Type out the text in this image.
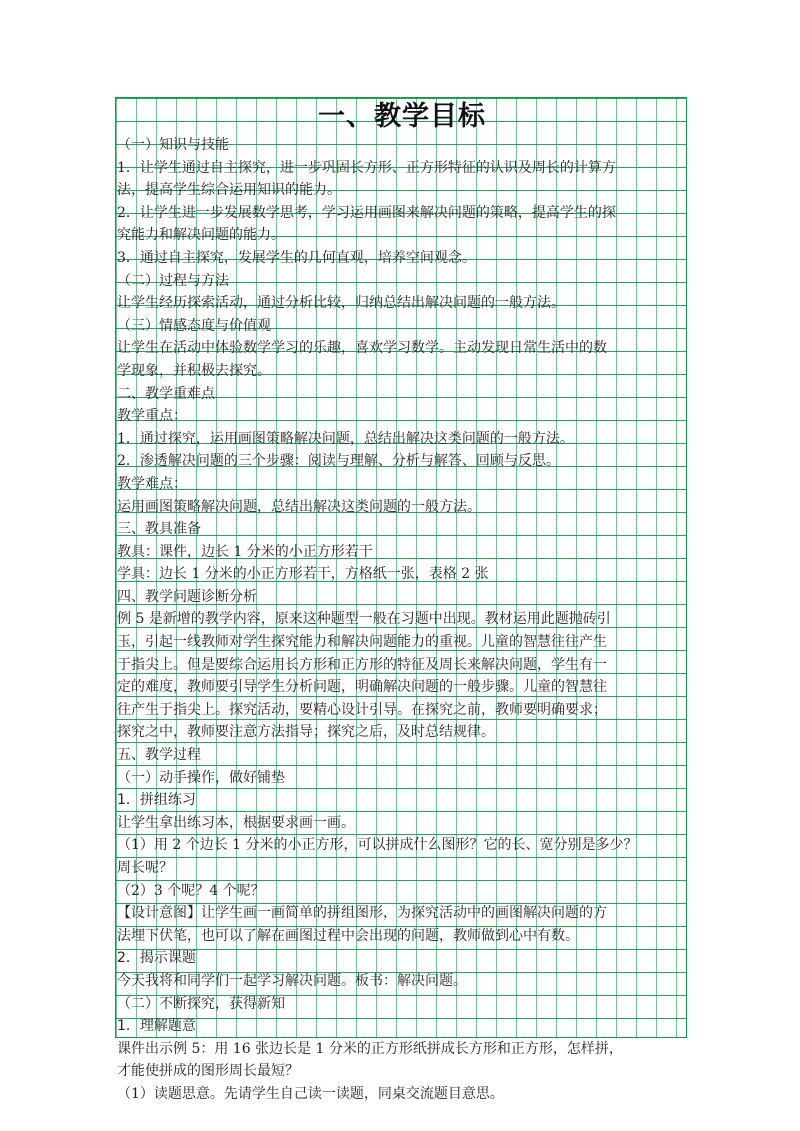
一、教学目标
（一）知识与技能
1．让学生通过自主探究，进一步巩固长方形、正方形特征的认识及周长的计算方
法，提高学生综合运用知识的能力。
2．让学生进一步发展数学思考，学习运用画图来解决问题的策略，提高学生的探
究能力和解决问题的能力。
3．通过自主探究，发展学生的几何直观，培养空间观念。
（二）过程与方法
让学生经历探索活动，通过分析比较，归纳总结出解决问题的一般方法。
（三）情感态度与价值观
让学生在活动中体验数学学习的乐趣，喜欢学习数学。主动发现日常生活中的数
学现象，并积极去探究。
二、教学重难点
教学重点：
1．通过探究，运用画图策略解决问题，总结出解决这类问题的一般方法。
2．渗透解决问题的三个步骤：阅读与理解、分析与解答、回顾与反思。
教学难点：
运用画图策略解决问题，总结出解决这类问题的一般方法。
三、教具准备
教具：课件，边长 1 分米的小正方形若干
学具：边长 1 分米的小正方形若干，方格纸一张，表格 2 张
四、教学问题诊断分析
例 5 是新增的教学内容，原来这种题型一般在习题中出现。教材运用此题抛砖引
玉，引起一线教师对学生探究能力和解决问题能力的重视。儿童的智慧往往产生
于指尖上。但是要综合运用长方形和正方形的特征及周长来解决问题，学生有一
定的难度，教师要引导学生分析问题，明确解决问题的一般步骤。儿童的智慧往
往产生于指尖上。探究活动，要精心设计引导。在探究之前，教师要明确要求；
探究之中，教师要注意方法指导；探究之后，及时总结规律。
五、教学过程
（一）动手操作，做好铺垫
1．拼组练习
让学生拿出练习本，根据要求画一画。
（1）用 2 个边长 1 分米的小正方形，可以拼成什么图形？它的长、宽分别是多少？
周长呢？
（2）3 个呢？4 个呢？
【设计意图】让学生画一画简单的拼组图形，为探究活动中的画图解决问题的方
法埋下伏笔，也可以了解在画图过程中会出现的问题，教师做到心中有数。
2．揭示课题
今天我将和同学们一起学习解决问题。板书：解决问题。
（二）不断探究，获得新知
1．理解题意
课件出示例 5：用 16 张边长是 1 分米的正方形纸拼成长方形和正方形，怎样拼，
才能使拼成的图形周长最短？
（1）读题思意。先请学生自己读一读题，同桌交流题目意思。
